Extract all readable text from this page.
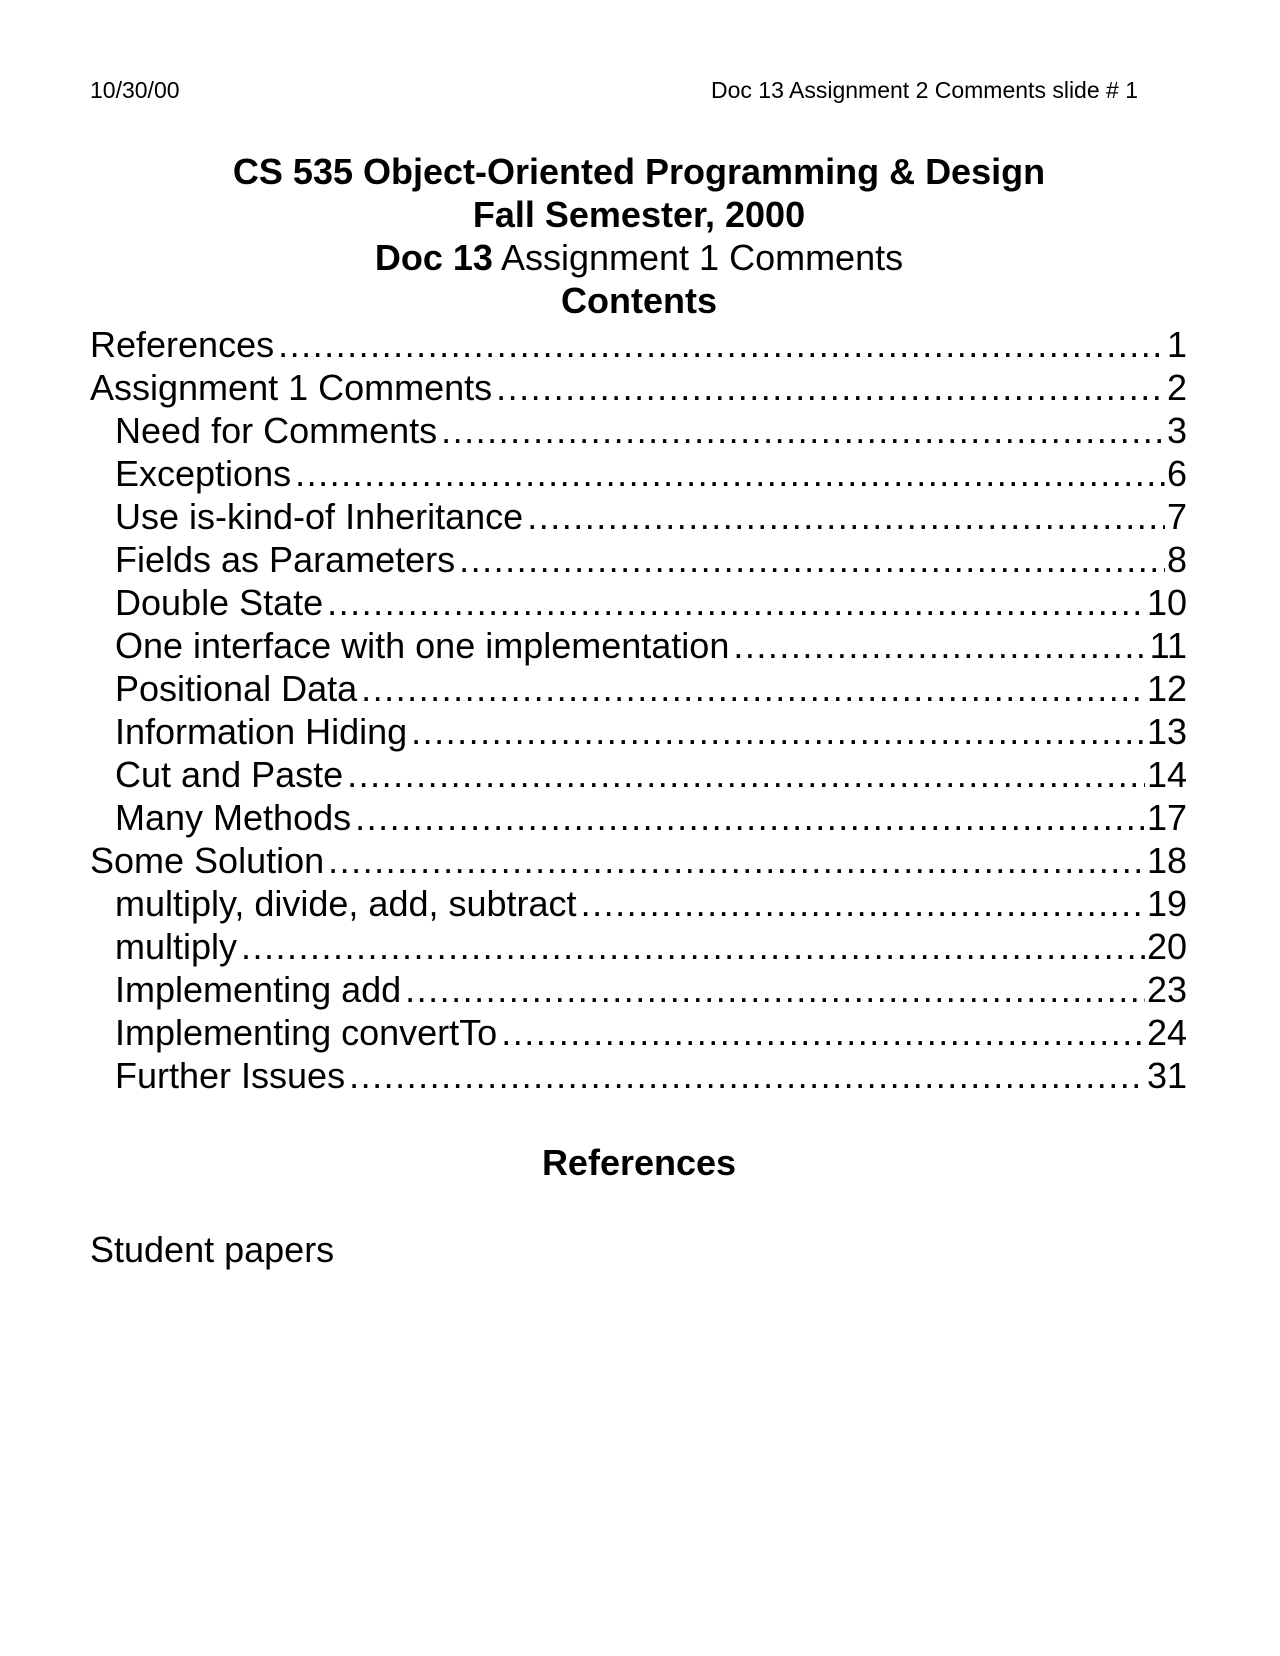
10/30/00	Doc 13 Assignment 2 Comments slide # 1
CS 535 Object-Oriented Programming & Design
Fall Semester, 2000
Doc 13 Assignment 1 Comments
Contents
References .....	1
Assignment 1 Comments .....	2
Need for Comments .....	3
Exceptions .....	6
Use is-kind-of Inheritance .....	7
Fields as Parameters .....	8
Double State .....	10
One interface with one implementation .....	11
Positional Data .....	12
Information Hiding .....	13
Cut and Paste .....	14
Many Methods .....	17
Some Solution .....	18
multiply, divide, add, subtract .....	19
multiply .....	20
Implementing add .....	23
Implementing convertTo .....	24
Further Issues .....	31
References
Student papers
